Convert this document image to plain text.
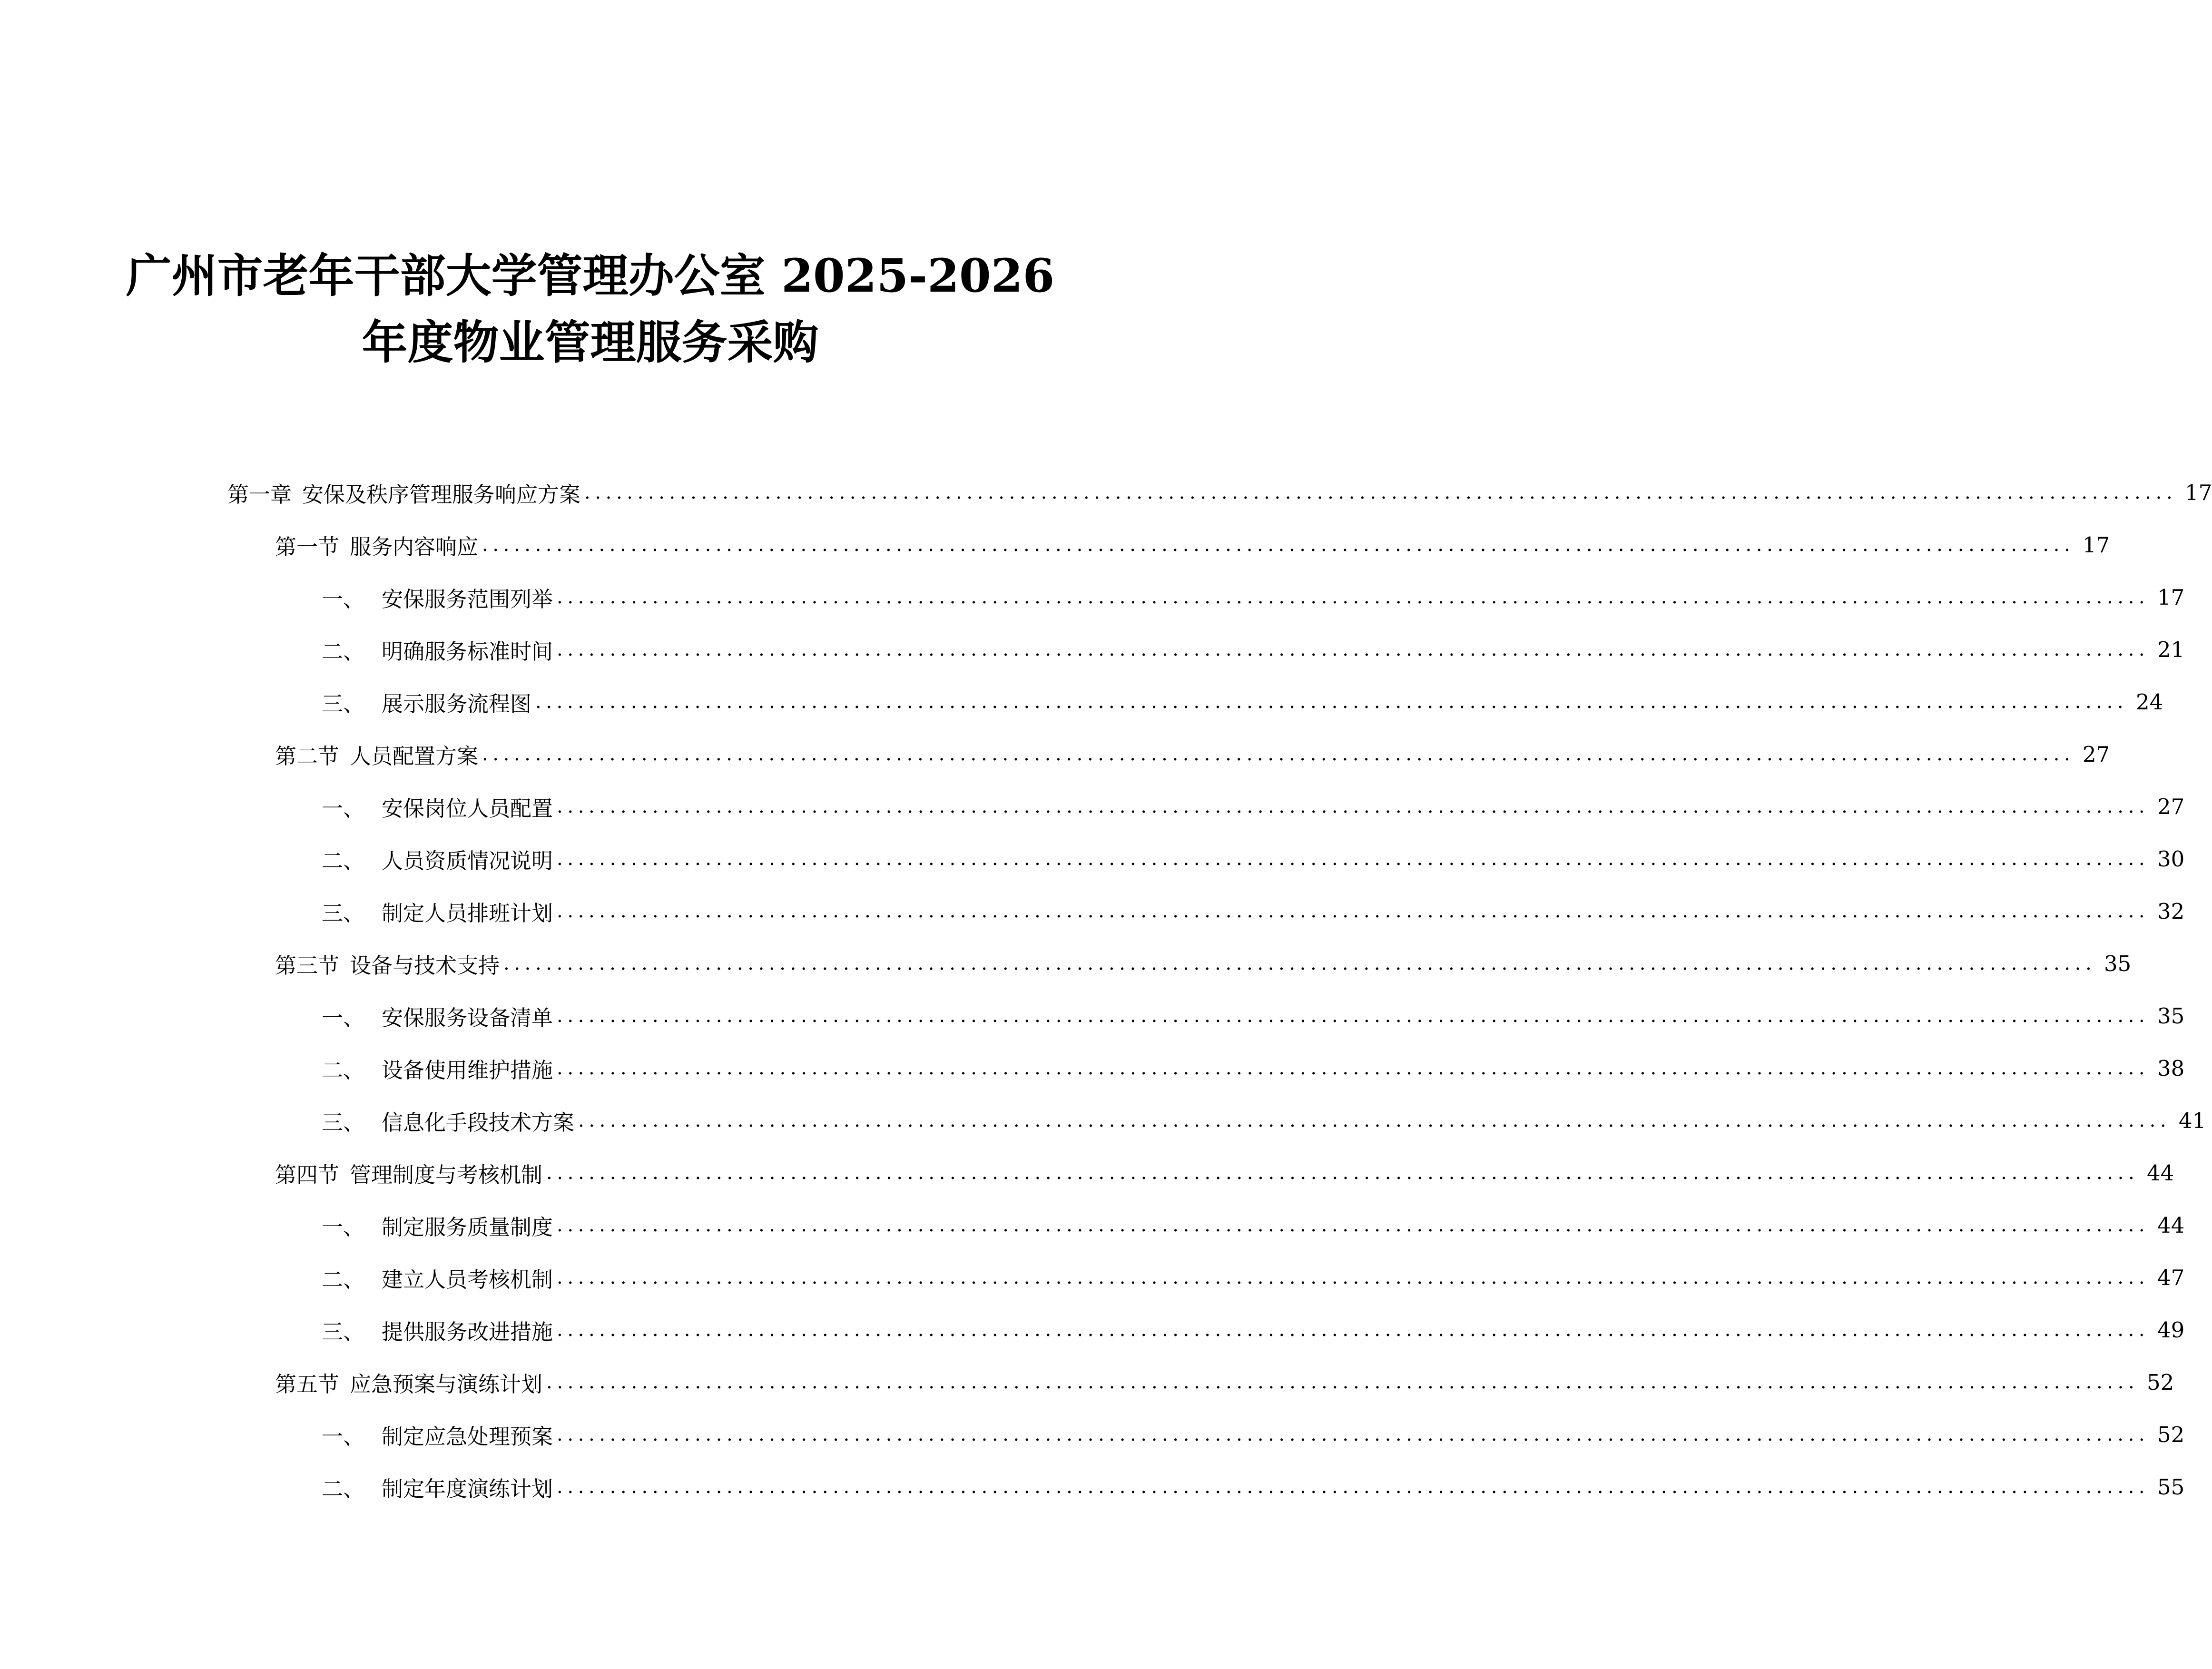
广州市老年干部大学管理办公室 2025-2026
年度物业管理服务采购
第一章 安保及秩序管理服务响应方案 ...................................................................................................................................................... 17
第一节 服务内容响应 ...................................................................................................................................................... 17
一、 安保服务范围列举 ...................................................................................................................................................... 17
二、 明确服务标准时间 ...................................................................................................................................................... 21
三、 展示服务流程图 ...................................................................................................................................................... 24
第二节 人员配置方案 ...................................................................................................................................................... 27
一、 安保岗位人员配置 ...................................................................................................................................................... 27
二、 人员资质情况说明 ...................................................................................................................................................... 30
三、 制定人员排班计划 ...................................................................................................................................................... 32
第三节 设备与技术支持 ...................................................................................................................................................... 35
一、 安保服务设备清单 ...................................................................................................................................................... 35
二、 设备使用维护措施 ...................................................................................................................................................... 38
三、 信息化手段技术方案 ...................................................................................................................................................... 41
第四节 管理制度与考核机制 ...................................................................................................................................................... 44
一、 制定服务质量制度 ...................................................................................................................................................... 44
二、 建立人员考核机制 ...................................................................................................................................................... 47
三、 提供服务改进措施 ...................................................................................................................................................... 49
第五节 应急预案与演练计划 ...................................................................................................................................................... 52
一、 制定应急处理预案 ...................................................................................................................................................... 52
二、 制定年度演练计划 ...................................................................................................................................................... 55
